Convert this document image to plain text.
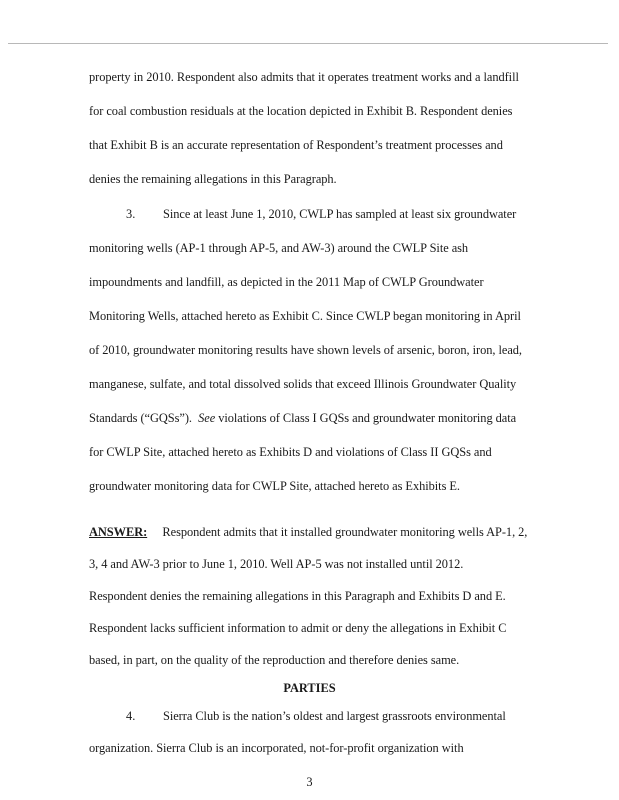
property in 2010. Respondent also admits that it operates treatment works and a landfill
for coal combustion residuals at the location depicted in Exhibit B. Respondent denies
that Exhibit B is an accurate representation of Respondent’s treatment processes and
denies the remaining allegations in this Paragraph.
3. Since at least June 1, 2010, CWLP has sampled at least six groundwater
monitoring wells (AP-1 through AP-5, and AW-3) around the CWLP Site ash
impoundments and landfill, as depicted in the 2011 Map of CWLP Groundwater
Monitoring Wells, attached hereto as Exhibit C. Since CWLP began monitoring in April
of 2010, groundwater monitoring results have shown levels of arsenic, boron, iron, lead,
manganese, sulfate, and total dissolved solids that exceed Illinois Groundwater Quality
Standards (“GQSs”). See violations of Class I GQSs and groundwater monitoring data
for CWLP Site, attached hereto as Exhibits D and violations of Class II GQSs and
groundwater monitoring data for CWLP Site, attached hereto as Exhibits E.
ANSWER: Respondent admits that it installed groundwater monitoring wells AP-1, 2,
3, 4 and AW-3 prior to June 1, 2010. Well AP-5 was not installed until 2012.
Respondent denies the remaining allegations in this Paragraph and Exhibits D and E.
Respondent lacks sufficient information to admit or deny the allegations in Exhibit C
based, in part, on the quality of the reproduction and therefore denies same.
PARTIES
4. Sierra Club is the nation’s oldest and largest grassroots environmental
3
organization. Sierra Club is an incorporated, not-for-profit organization with
